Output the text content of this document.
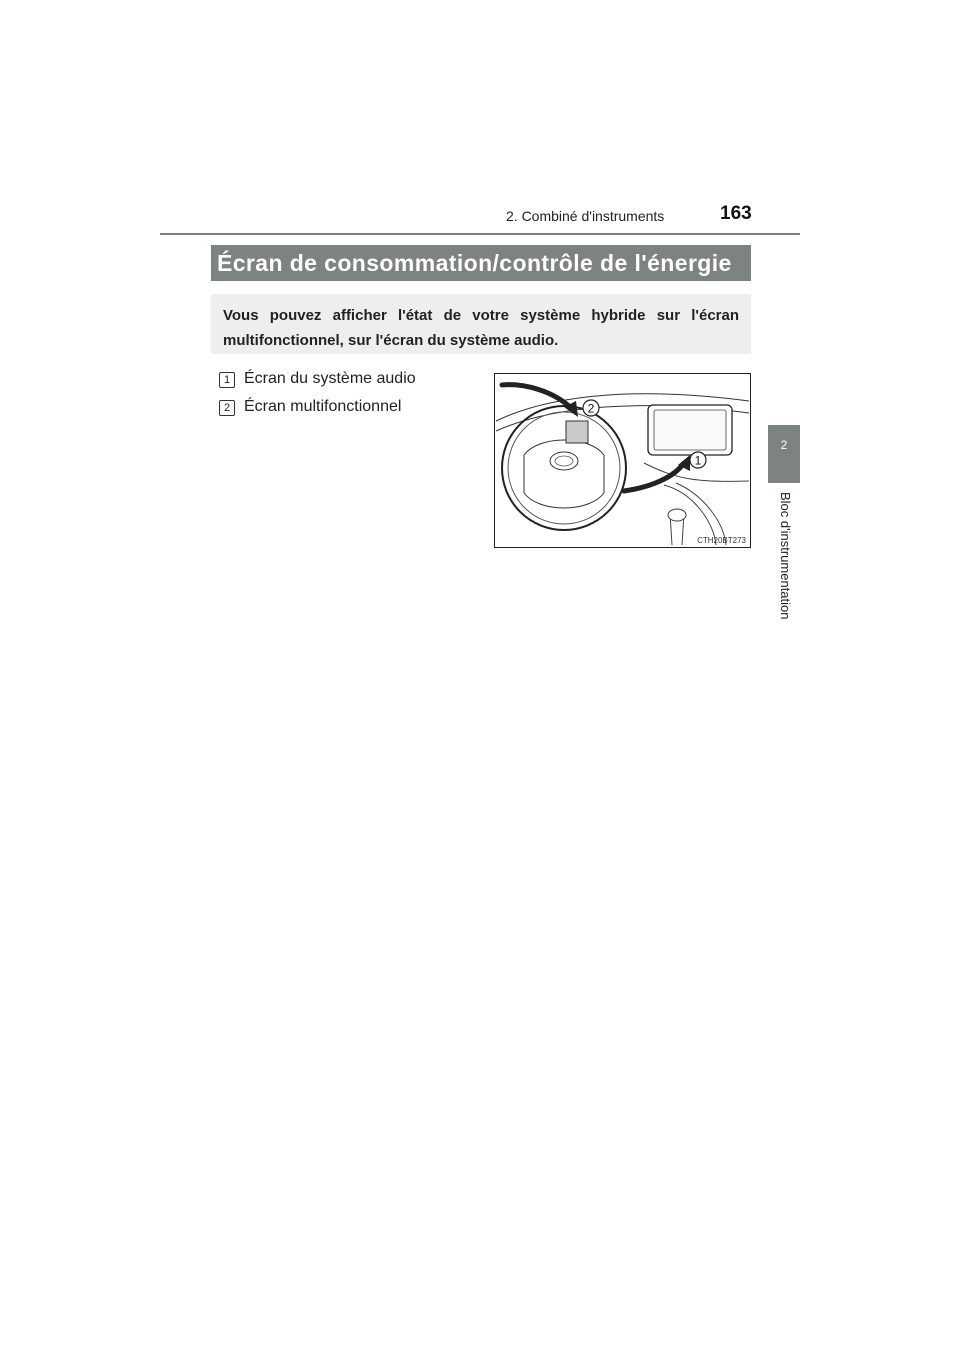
2. Combiné d'instruments	163
2
Bloc d'instrumentation
Écran de consommation/contrôle de l'énergie
Vous pouvez afficher l'état de votre système hybride sur l'écran multifonctionnel, sur l'écran du système audio.
1 Écran du système audio
2 Écran multifonctionnel	2
1
CTH20BT273
